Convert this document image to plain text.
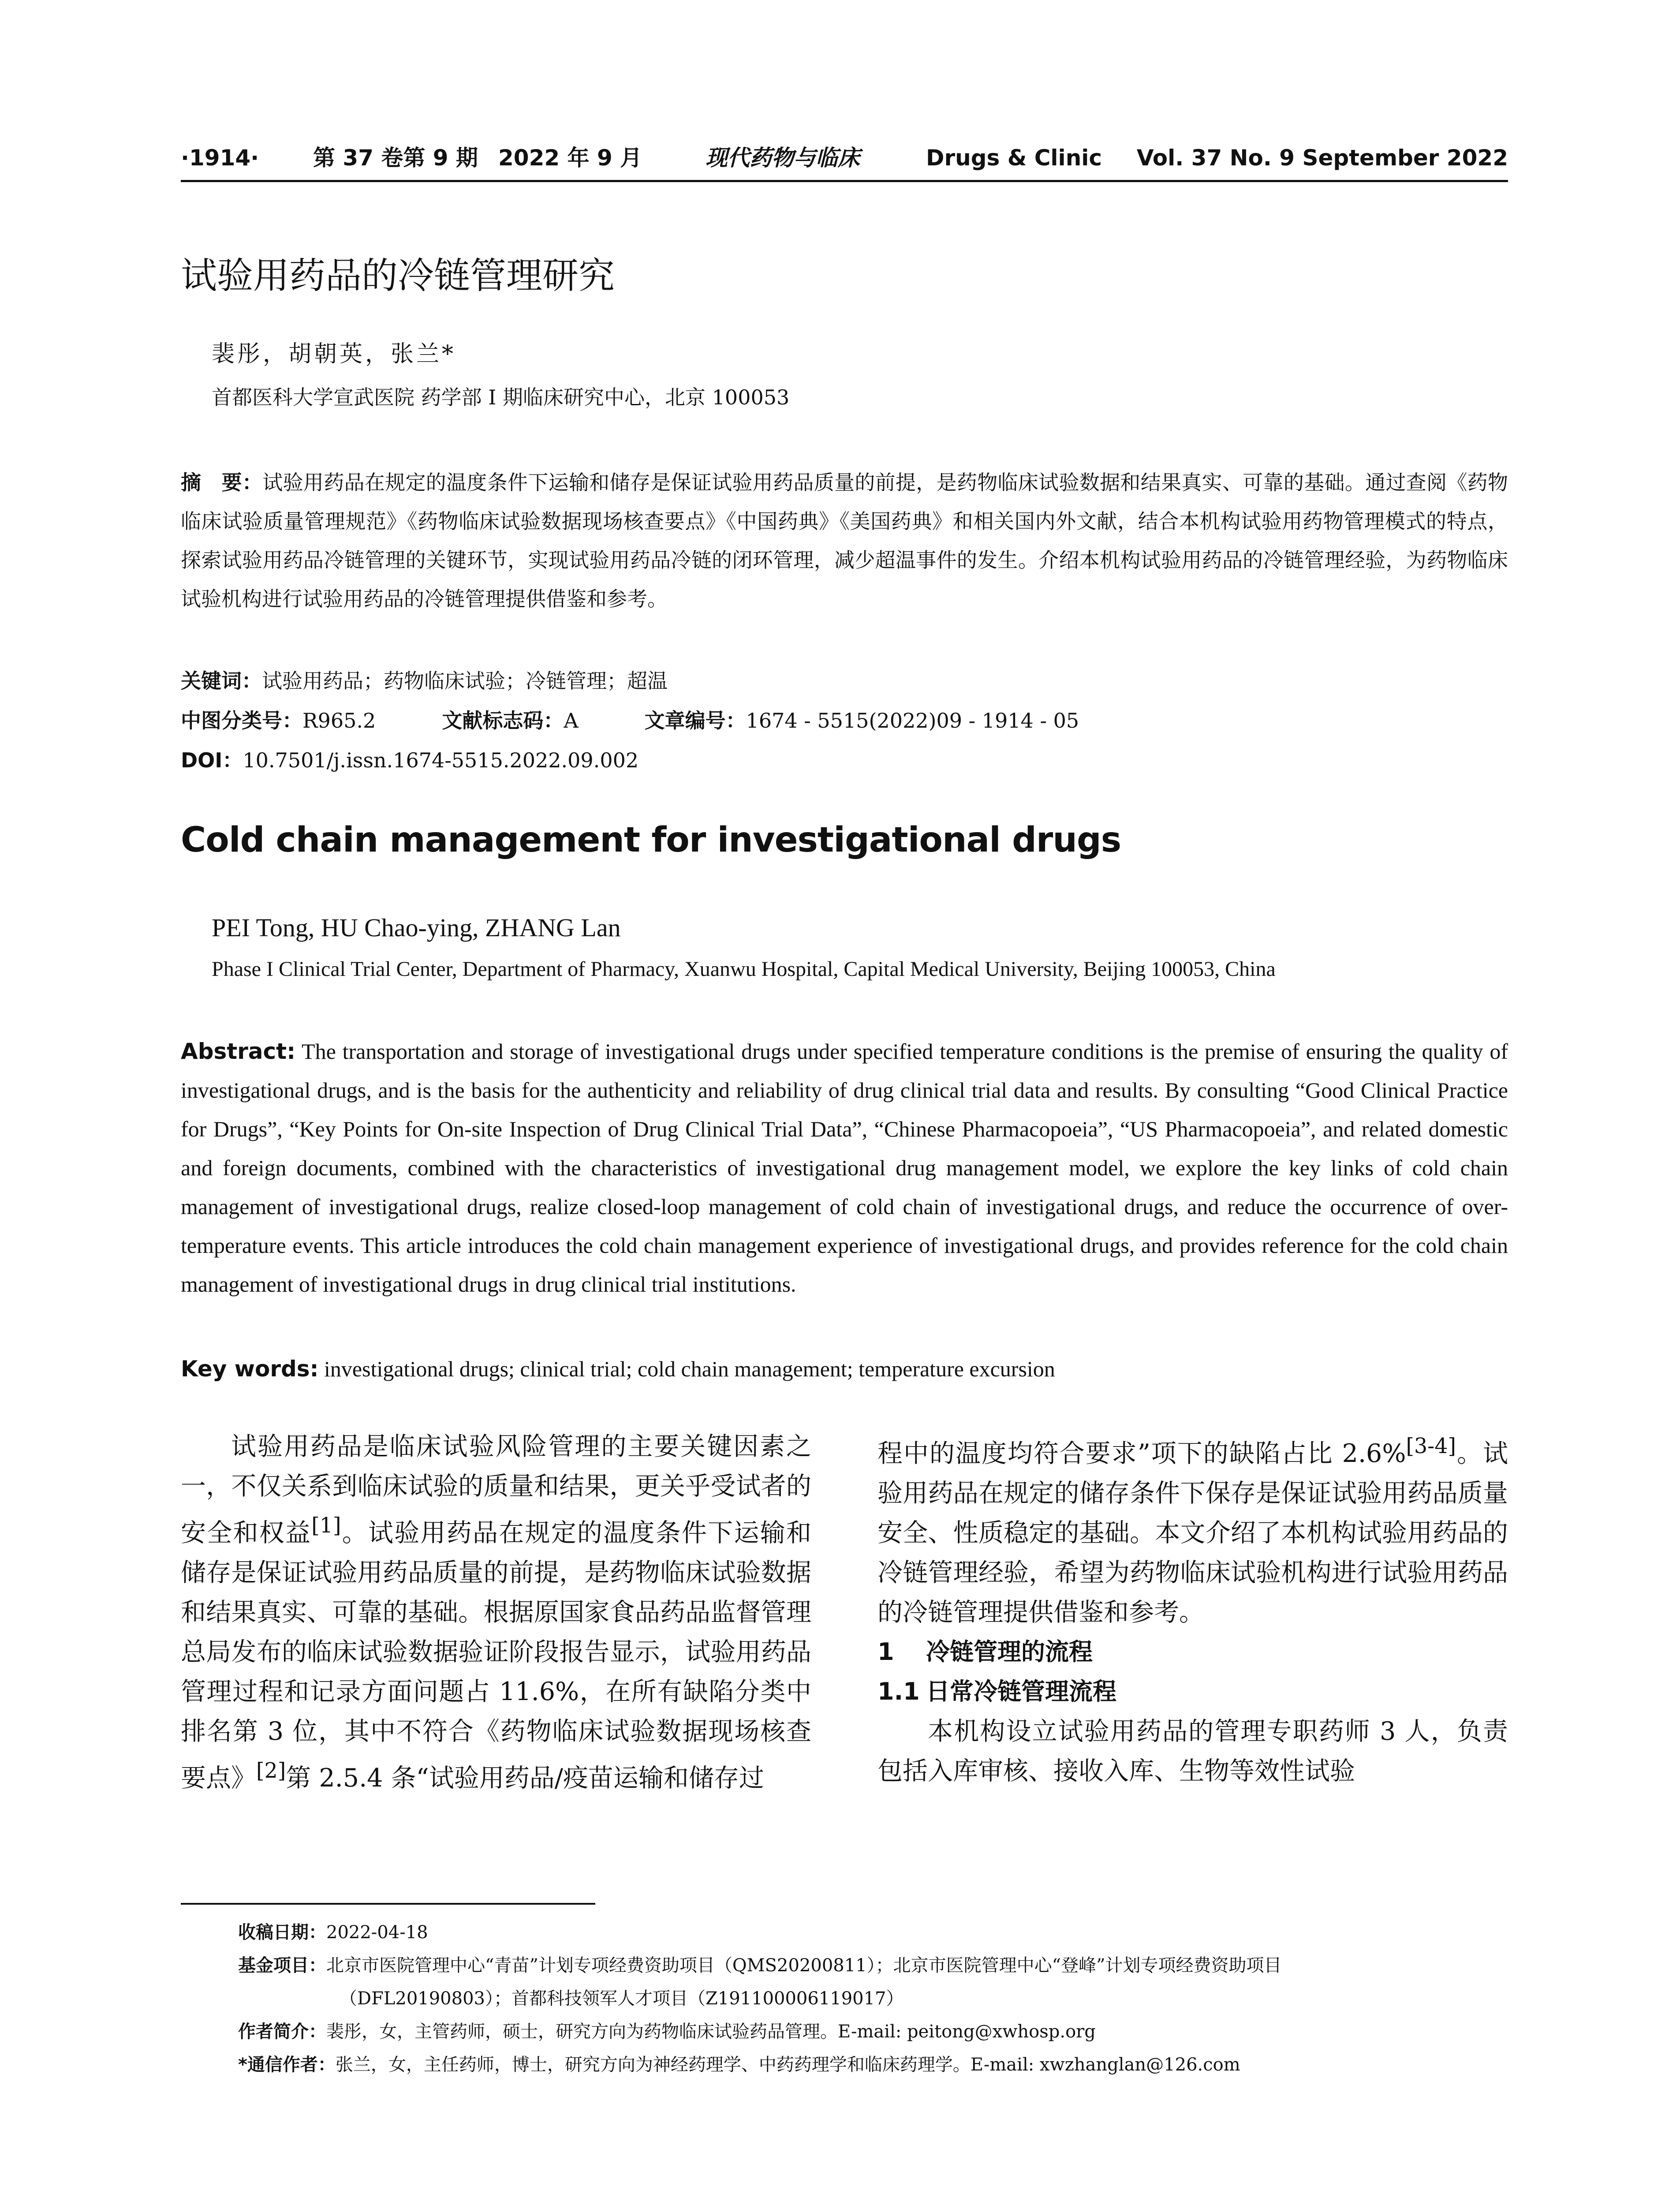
·1914· 第 37 卷第 9 期 2022 年 9 月	现代药物与临床	Drugs & Clinic Vol. 37 No. 9 September 2022
试验用药品的冷链管理研究
裴彤，胡朝英，张兰*
首都医科大学宣武医院 药学部 I 期临床研究中心，北京 100053
摘　要：试验用药品在规定的温度条件下运输和储存是保证试验用药品质量的前提，是药物临床试验数据和结果真实、可靠的基础。通过查阅《药物临床试验质量管理规范》《药物临床试验数据现场核查要点》《中国药典》《美国药典》和相关国内外文献，结合本机构试验用药物管理模式的特点，探索试验用药品冷链管理的关键环节，实现试验用药品冷链的闭环管理，减少超温事件的发生。介绍本机构试验用药品的冷链管理经验，为药物临床试验机构进行试验用药品的冷链管理提供借鉴和参考。
关键词：试验用药品；药物临床试验；冷链管理；超温
中图分类号：R965.2	文献标志码：A	文章编号：1674 - 5515(2022)09 - 1914 - 05
DOI：10.7501/j.issn.1674-5515.2022.09.002
Cold chain management for investigational drugs
PEI Tong, HU Chao-ying, ZHANG Lan
Phase I Clinical Trial Center, Department of Pharmacy, Xuanwu Hospital, Capital Medical University, Beijing 100053, China
Abstract: The transportation and storage of investigational drugs under specified temperature conditions is the premise of ensuring the quality of investigational drugs, and is the basis for the authenticity and reliability of drug clinical trial data and results. By consulting “Good Clinical Practice for Drugs”, “Key Points for On-site Inspection of Drug Clinical Trial Data”, “Chinese Pharmacopoeia”, “US Pharmacopoeia”, and related domestic and foreign documents, combined with the characteristics of investigational drug management model, we explore the key links of cold chain management of investigational drugs, realize closed-loop management of cold chain of investigational drugs, and reduce the occurrence of over-temperature events. This article introduces the cold chain management experience of investigational drugs, and provides reference for the cold chain management of investigational drugs in drug clinical trial institutions.
Key words: investigational drugs; clinical trial; cold chain management; temperature excursion

试验用药品是临床试验风险管理的主要关键因素之一，不仅关系到临床试验的质量和结果，更关乎受试者的安全和权益[1]。试验用药品在规定的温度条件下运输和储存是保证试验用药品质量的前提，是药物临床试验数据和结果真实、可靠的基础。根据原国家食品药品监督管理总局发布的临床试验数据验证阶段报告显示，试验用药品管理过程和记录方面问题占 11.6%，在所有缺陷分类中排名第 3 位，其中不符合《药物临床试验数据现场核查要点》[2]第 2.5.4 条“试验用药品/疫苗运输和储存过

程中的温度均符合要求”项下的缺陷占比 2.6%[3-4]。试验用药品在规定的储存条件下保存是保证试验用药品质量安全、性质稳定的基础。本文介绍了本机构试验用药品的冷链管理经验，希望为药物临床试验机构进行试验用药品的冷链管理提供借鉴和参考。

1 冷链管理的流程

1.1 日常冷链管理流程

本机构设立试验用药品的管理专职药师 3 人，负责包括入库审核、接收入库、生物等效性试验

收稿日期：2022-04-18

基金项目：北京市医院管理中心“青苗”计划专项经费资助项目（QMS20200811）；北京市医院管理中心“登峰”计划专项经费资助项目

（DFL20190803）；首都科技领军人才项目（Z191100006119017）

作者简介：裴彤，女，主管药师，硕士，研究方向为药物临床试验药品管理。E-mail: peitong@xwhosp.org

*通信作者：张兰，女，主任药师，博士，研究方向为神经药理学、中药药理学和临床药理学。E-mail: xwzhanglan@126.com
